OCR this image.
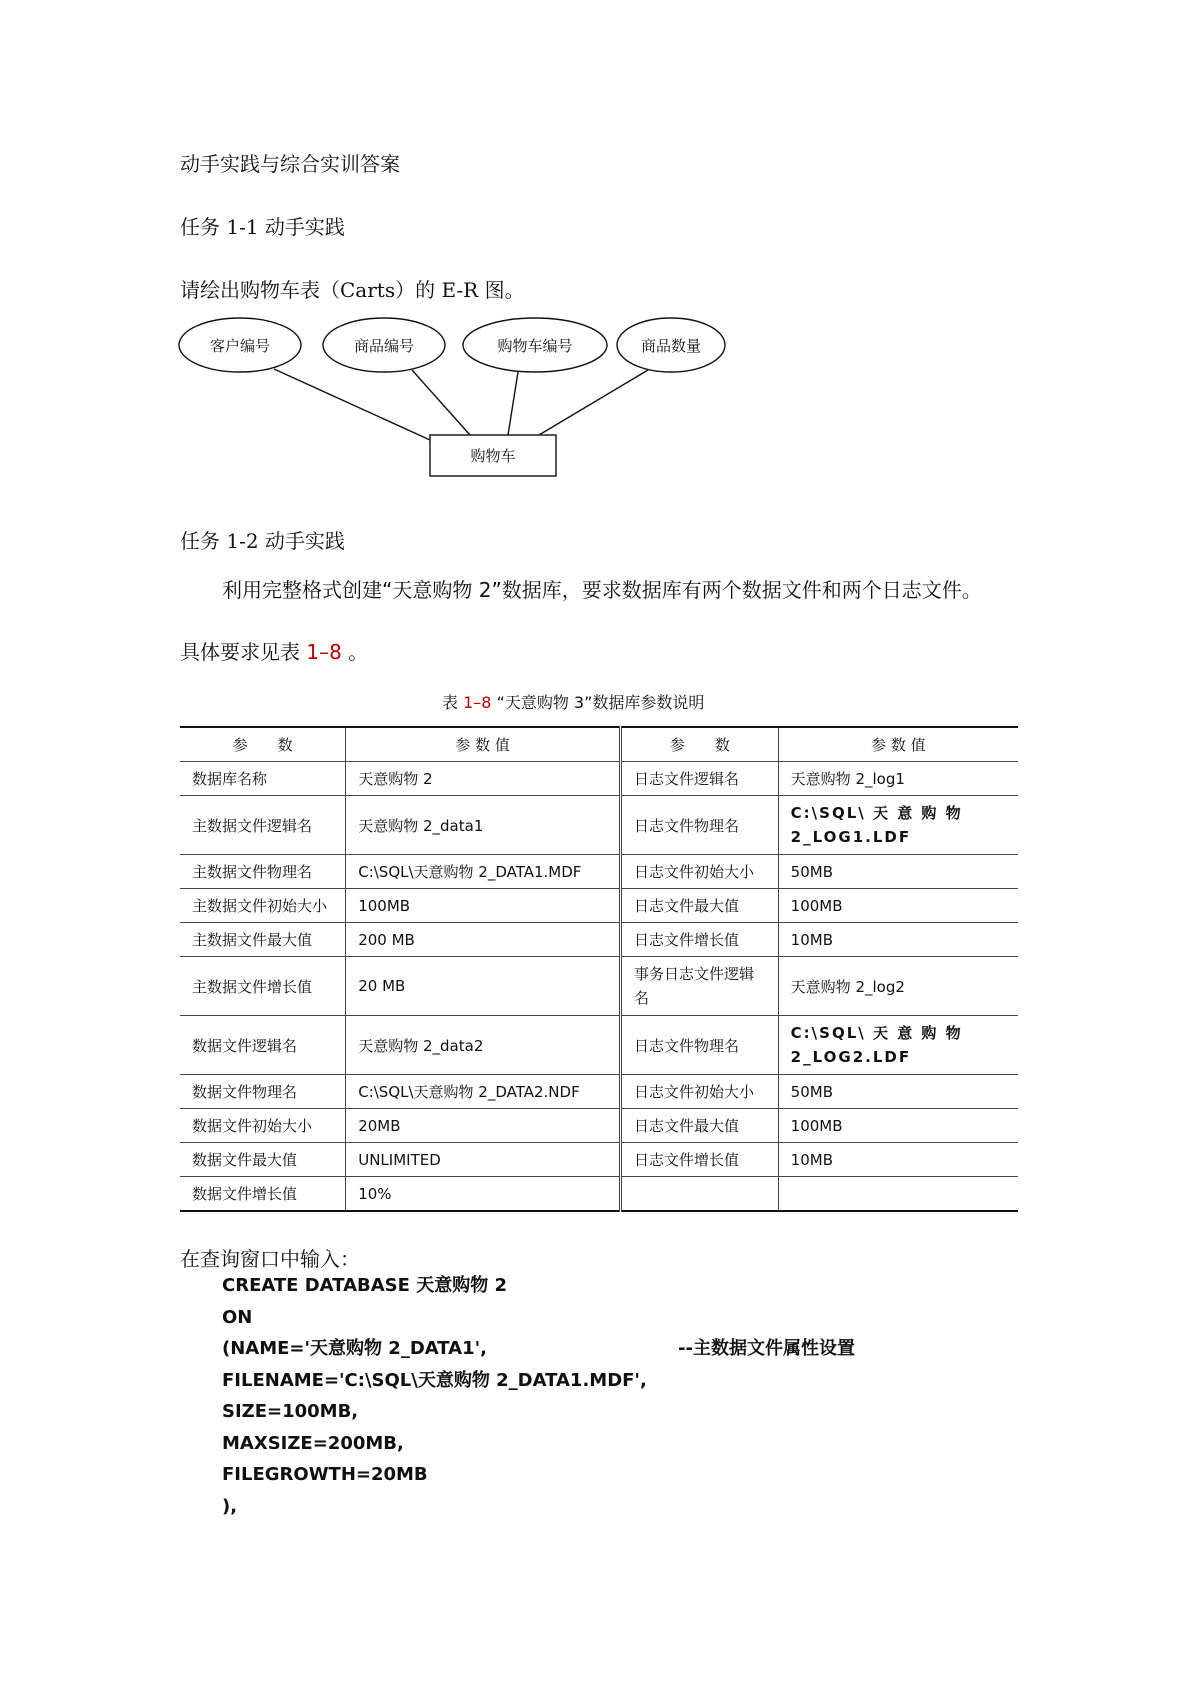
动手实践与综合实训答案
任务 1-1 动手实践
请绘出购物车表（Carts）的 E-R 图。
客户编号	商品编号	购物车编号	商品数量
购物车
任务 1-2 动手实践
利用完整格式创建“天意购物 2”数据库，要求数据库有两个数据文件和两个日志文件。
具体要求见表 1–8 。
表 1–8 “天意购物 3”数据库参数说明
参　　数	参 数 值	参　　数	参 数 值
数据库名称	天意购物 2	日志文件逻辑名	天意购物 2_log1
主数据文件逻辑名	天意购物 2_data1	日志文件物理名	C:\SQL\ 天 意 购 物 2_LOG1.LDF
主数据文件物理名	C:\SQL\天意购物 2_DATA1.MDF	日志文件初始大小	50MB
主数据文件初始大小	100MB	日志文件最大值	100MB
主数据文件最大值	200 MB	日志文件增长值	10MB
主数据文件增长值	20 MB	事务日志文件逻辑名	天意购物 2_log2
数据文件逻辑名	天意购物 2_data2	日志文件物理名	C:\SQL\ 天 意 购 物 2_LOG2.LDF
数据文件物理名	C:\SQL\天意购物 2_DATA2.NDF	日志文件初始大小	50MB
数据文件初始大小	20MB	日志文件最大值	100MB
数据文件最大值	UNLIMITED	日志文件增长值	10MB
数据文件增长值	10%		
在查询窗口中输入：
CREATE DATABASE 天意购物 2
ON
(NAME='天意购物 2_DATA1',	--主数据文件属性设置
FILENAME='C:\SQL\天意购物 2_DATA1.MDF',
SIZE=100MB,
MAXSIZE=200MB,
FILEGROWTH=20MB
),
